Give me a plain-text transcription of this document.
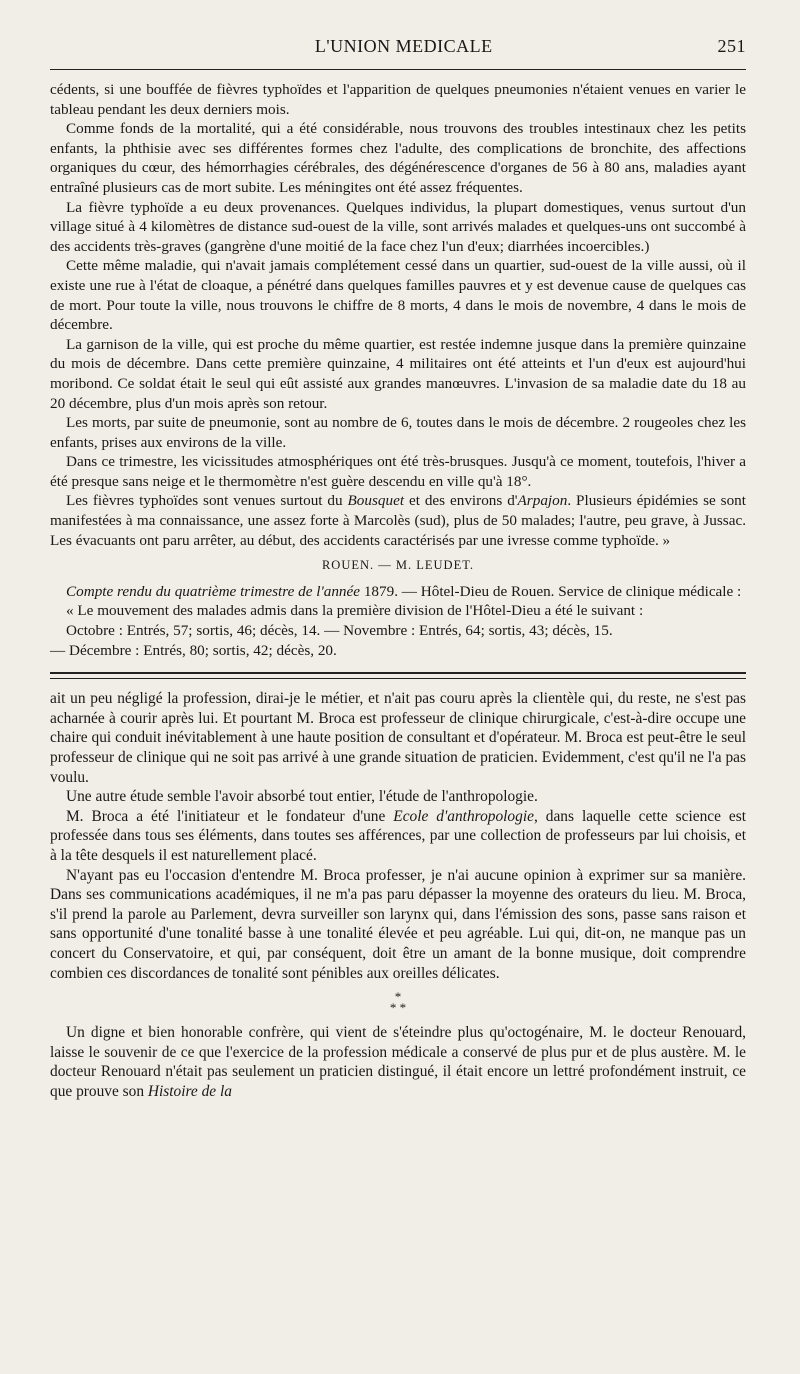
L'UNION MEDICALE	251

cédents, si une bouffée de fièvres typhoïdes et l'apparition de quelques pneumonies n'étaient venues en varier le tableau pendant les deux derniers mois.

Comme fonds de la mortalité, qui a été considérable, nous trouvons des troubles intestinaux chez les petits enfants, la phthisie avec ses différentes formes chez l'adulte, des complications de bronchite, des affections organiques du cœur, des hémorrhagies cérébrales, des dégénérescence d'organes de 56 à 80 ans, maladies ayant entraîné plusieurs cas de mort subite. Les méningites ont été assez fréquentes.

La fièvre typhoïde a eu deux provenances. Quelques individus, la plupart domestiques, venus surtout d'un village situé à 4 kilomètres de distance sud-ouest de la ville, sont arrivés malades et quelques-uns ont succombé à des accidents très-graves (gangrène d'une moitié de la face chez l'un d'eux; diarrhées incoercibles.)

Cette même maladie, qui n'avait jamais complétement cessé dans un quartier, sud-ouest de la ville aussi, où il existe une rue à l'état de cloaque, a pénétré dans quelques familles pauvres et y est devenue cause de quelques cas de mort. Pour toute la ville, nous trouvons le chiffre de 8 morts, 4 dans le mois de novembre, 4 dans le mois de décembre.

La garnison de la ville, qui est proche du même quartier, est restée indemne jusque dans la première quinzaine du mois de décembre. Dans cette première quinzaine, 4 militaires ont été atteints et l'un d'eux est aujourd'hui moribond. Ce soldat était le seul qui eût assisté aux grandes manœuvres. L'invasion de sa maladie date du 18 au 20 décembre, plus d'un mois après son retour.

Les morts, par suite de pneumonie, sont au nombre de 6, toutes dans le mois de décembre. 2 rougeoles chez les enfants, prises aux environs de la ville.

Dans ce trimestre, les vicissitudes atmosphériques ont été très-brusques. Jusqu'à ce moment, toutefois, l'hiver a été presque sans neige et le thermomètre n'est guère descendu en ville qu'à 18°.

Les fièvres typhoïdes sont venues surtout du Bousquet et des environs d'Arpajon. Plusieurs épidémies se sont manifestées à ma connaissance, une assez forte à Marcolès (sud), plus de 50 malades; l'autre, peu grave, à Jussac. Les évacuants ont paru arrêter, au début, des accidents caractérisés par une ivresse comme typhoïde. »

ROUEN. — M. LEUDET.

Compte rendu du quatrième trimestre de l'année 1879. — Hôtel-Dieu de Rouen. Service de clinique médicale :

« Le mouvement des malades admis dans la première division de l'Hôtel-Dieu a été le suivant :

Octobre : Entrés, 57; sortis, 46; décès, 14. — Novembre : Entrés, 64; sortis, 43; décès, 15.

— Décembre : Entrés, 80; sortis, 42; décès, 20.

ait un peu négligé la profession, dirai-je le métier, et n'ait pas couru après la clientèle qui, du reste, ne s'est pas acharnée à courir après lui. Et pourtant M. Broca est professeur de clinique chirurgicale, c'est-à-dire occupe une chaire qui conduit inévitablement à une haute position de consultant et d'opérateur. M. Broca est peut-être le seul professeur de clinique qui ne soit pas arrivé à une grande situation de praticien. Evidemment, c'est qu'il ne l'a pas voulu.

Une autre étude semble l'avoir absorbé tout entier, l'étude de l'anthropologie.

M. Broca a été l'initiateur et le fondateur d'une Ecole d'anthropologie, dans laquelle cette science est professée dans tous ses éléments, dans toutes ses afférences, par une collection de professeurs par lui choisis, et à la tête desquels il est naturellement placé.

N'ayant pas eu l'occasion d'entendre M. Broca professer, je n'ai aucune opinion à exprimer sur sa manière. Dans ses communications académiques, il ne m'a pas paru dépasser la moyenne des orateurs du lieu. M. Broca, s'il prend la parole au Parlement, devra surveiller son larynx qui, dans l'émission des sons, passe sans raison et sans opportunité d'une tonalité basse à une tonalité élevée et peu agréable. Lui qui, dit-on, ne manque pas un concert du Conservatoire, et qui, par conséquent, doit être un amant de la bonne musique, doit comprendre combien ces discordances de tonalité sont pénibles aux oreilles délicates.

*
* *

Un digne et bien honorable confrère, qui vient de s'éteindre plus qu'octogénaire, M. le docteur Renouard, laisse le souvenir de ce que l'exercice de la profession médicale a conservé de plus pur et de plus austère. M. le docteur Renouard n'était pas seulement un praticien distingué, il était encore un lettré profondément instruit, ce que prouve son Histoire de la
